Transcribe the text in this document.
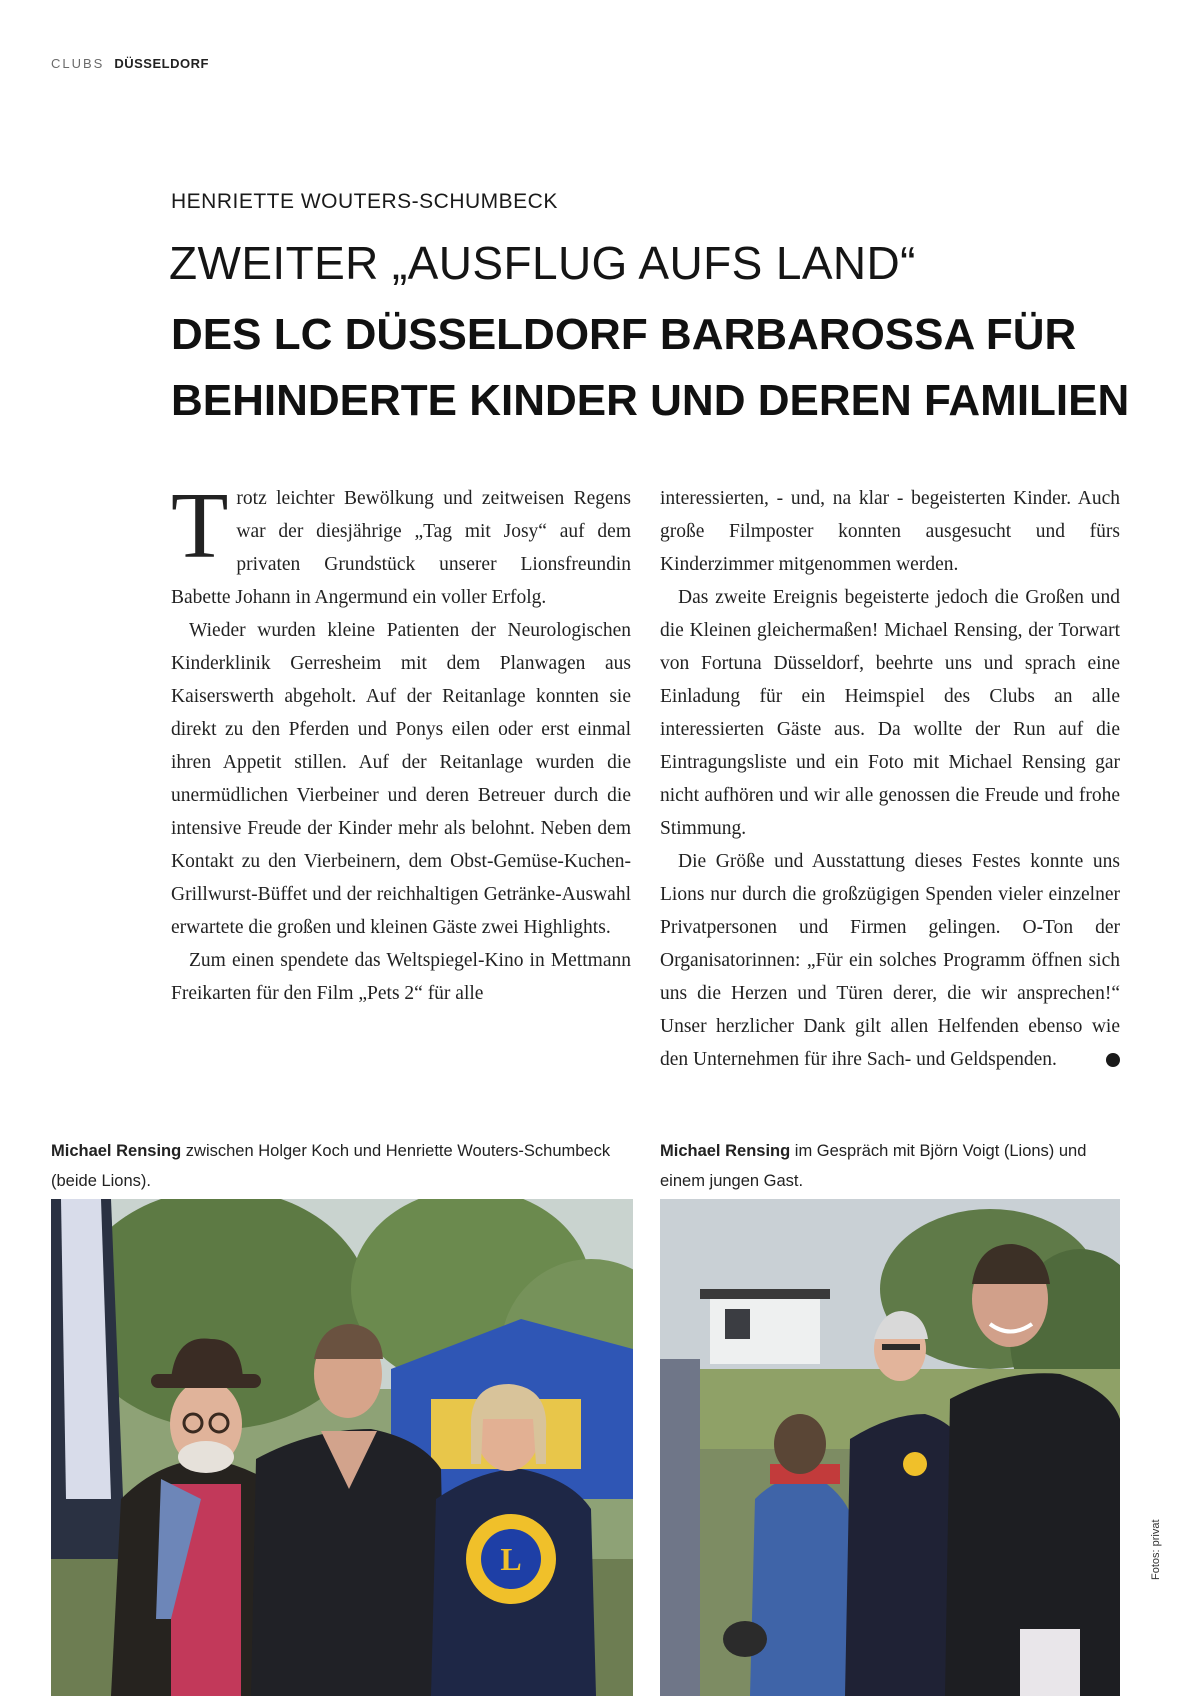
CLUBS DÜSSELDORF
HENRIETTE WOUTERS-SCHUMBECK
ZWEITER „AUSFLUG AUFS LAND“
DES LC DÜSSELDORF BARBAROSSA FÜR BEHINDERTE KINDER UND DEREN FAMILIEN

Trotz leichter Bewölkung und zeitweisen Regens war der diesjährige „Tag mit Josy“ auf dem privaten Grundstück unserer Lionsfreundin Babette Johann in Angermund ein voller Erfolg.

Wieder wurden kleine Patienten der Neurologischen Kinderklinik Gerresheim mit dem Planwagen aus Kaiserswerth abgeholt. Auf der Reitanlage konnten sie direkt zu den Pferden und Ponys eilen oder erst einmal ihren Appetit stillen. Auf der Reitanlage wurden die unermüdlichen Vierbeiner und deren Betreuer durch die intensive Freude der Kinder mehr als belohnt. Neben dem Kontakt zu den Vierbeinern, dem Obst-Gemüse-Kuchen-Grillwurst-Büffet und der reichhaltigen Getränke-Auswahl erwartete die großen und kleinen Gäste zwei Highlights.

Zum einen spendete das Weltspiegel-Kino in Mettmann Freikarten für den Film „Pets 2“ für alle

interessierten, - und, na klar - begeisterten Kinder. Auch große Filmposter konnten ausgesucht und fürs Kinderzimmer mitgenommen werden.

Das zweite Ereignis begeisterte jedoch die Großen und die Kleinen gleichermaßen! Michael Rensing, der Torwart von Fortuna Düsseldorf, beehrte uns und sprach eine Einladung für ein Heimspiel des Clubs an alle interessierten Gäste aus. Da wollte der Run auf die Eintragungsliste und ein Foto mit Michael Rensing gar nicht aufhören und wir alle genossen die Freude und frohe Stimmung.

Die Größe und Ausstattung dieses Festes konnte uns Lions nur durch die großzügigen Spenden vieler einzelner Privatpersonen und Firmen gelingen. O-Ton der Organisatorinnen: „Für ein solches Programm öffnen sich uns die Herzen und Türen derer, die wir ansprechen!“ Unser herzlicher Dank gilt allen Helfenden ebenso wie den Unternehmen für ihre Sach- und Geldspenden.	L

Michael Rensing zwischen Holger Koch und Henriette Wouters-Schumbeck (beide Lions).
Michael Rensing im Gespräch mit Björn Voigt (Lions) und einem jungen Gast.
L	Fotos: privat
